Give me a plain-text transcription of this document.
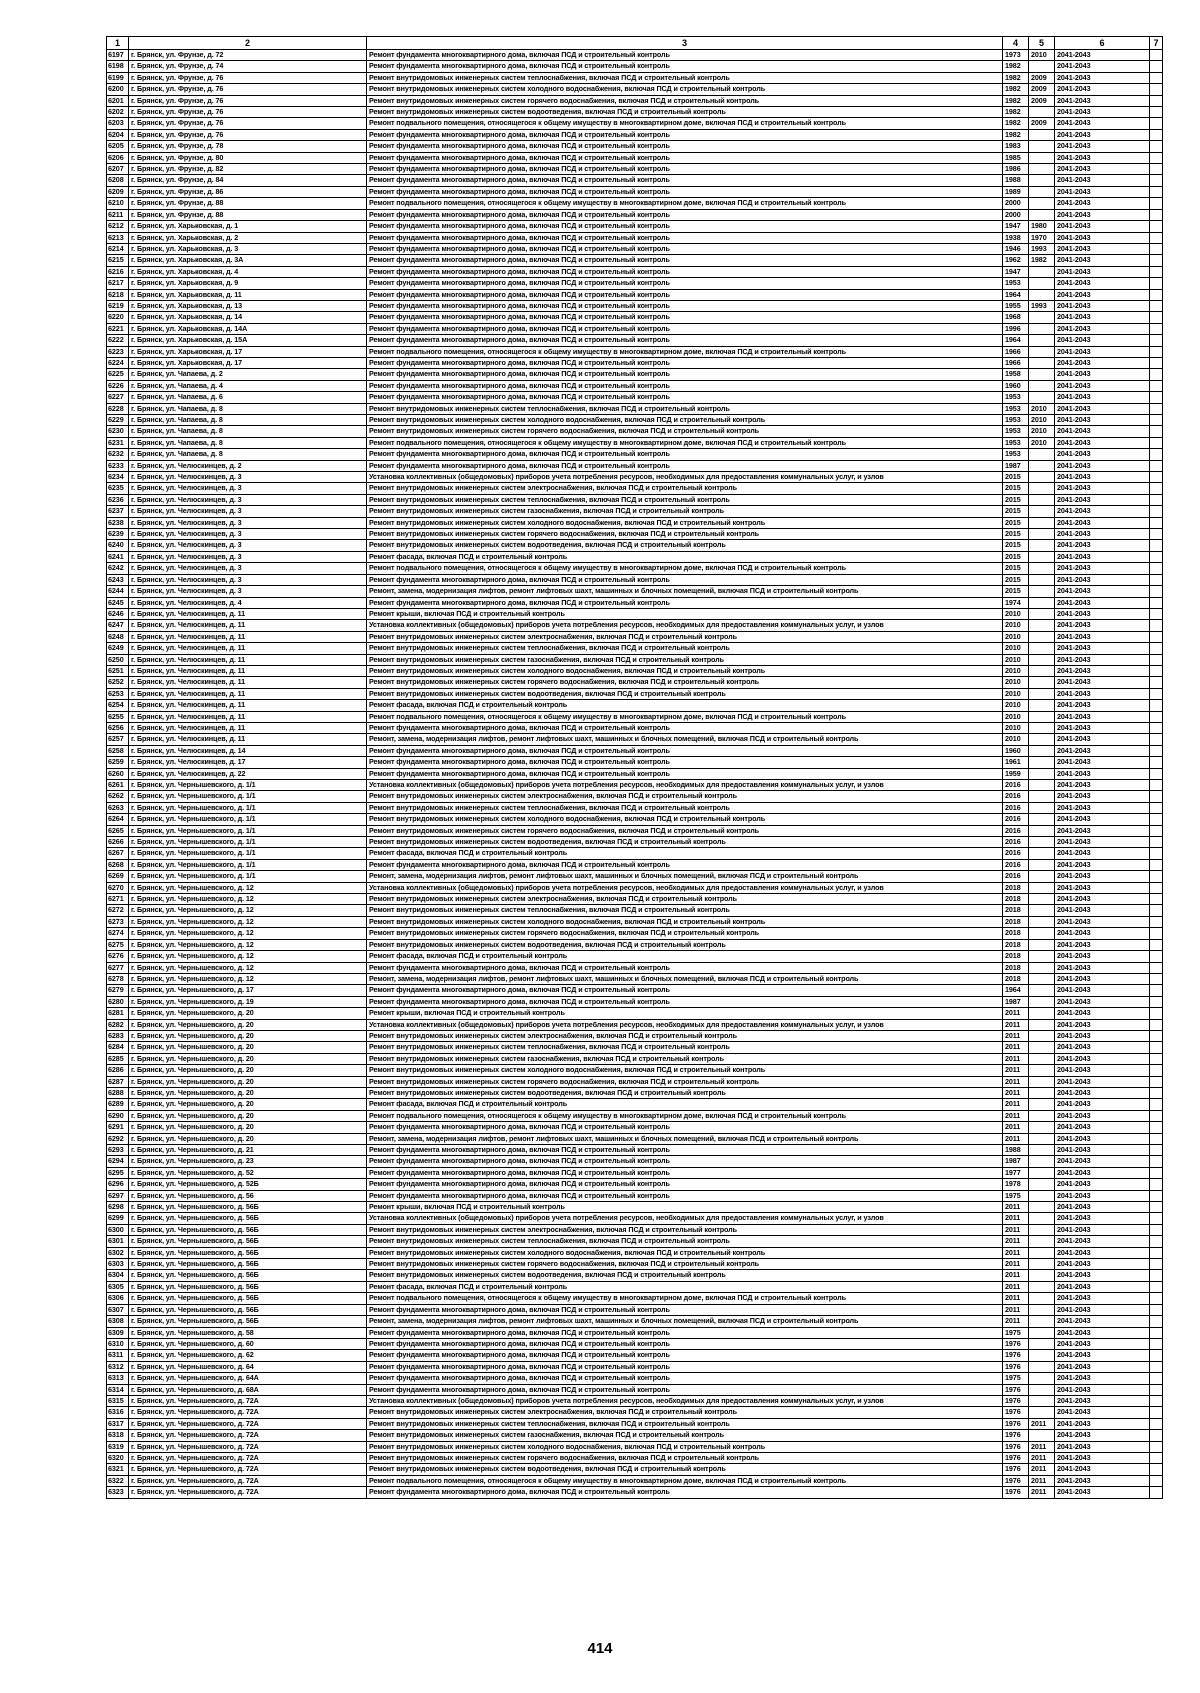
1	2	3	4	5	6	7
6197	г. Брянск, ул. Фрунзе, д. 72	Ремонт фундамента многоквартирного дома, включая ПСД и строительный контроль	1973	2010	2041-2043	
6198	г. Брянск, ул. Фрунзе, д. 74	Ремонт фундамента многоквартирного дома, включая ПСД и строительный контроль	1982		2041-2043	
6199	г. Брянск, ул. Фрунзе, д. 76	Ремонт внутридомовых инженерных систем теплоснабжения, включая ПСД и строительный контроль	1982	2009	2041-2043	
6200	г. Брянск, ул. Фрунзе, д. 76	Ремонт внутридомовых инженерных систем холодного водоснабжения, включая ПСД и строительный контроль	1982	2009	2041-2043	
6201	г. Брянск, ул. Фрунзе, д. 76	Ремонт внутридомовых инженерных систем горячего водоснабжения, включая ПСД и строительный контроль	1982	2009	2041-2043	
6202	г. Брянск, ул. Фрунзе, д. 76	Ремонт внутридомовых инженерных систем водоотведения, включая ПСД и строительный контроль	1982		2041-2043	
6203	г. Брянск, ул. Фрунзе, д. 76	Ремонт подвального помещения, относящегося к общему имуществу в многоквартирном доме, включая ПСД и строительный контроль	1982	2009	2041-2043	
6204	г. Брянск, ул. Фрунзе, д. 76	Ремонт фундамента многоквартирного дома, включая ПСД и строительный контроль	1982		2041-2043	
6205	г. Брянск, ул. Фрунзе, д. 78	Ремонт фундамента многоквартирного дома, включая ПСД и строительный контроль	1983		2041-2043	
6206	г. Брянск, ул. Фрунзе, д. 80	Ремонт фундамента многоквартирного дома, включая ПСД и строительный контроль	1985		2041-2043	
6207	г. Брянск, ул. Фрунзе, д. 82	Ремонт фундамента многоквартирного дома, включая ПСД и строительный контроль	1986		2041-2043	
6208	г. Брянск, ул. Фрунзе, д. 84	Ремонт фундамента многоквартирного дома, включая ПСД и строительный контроль	1988		2041-2043	
6209	г. Брянск, ул. Фрунзе, д. 86	Ремонт фундамента многоквартирного дома, включая ПСД и строительный контроль	1989		2041-2043	
6210	г. Брянск, ул. Фрунзе, д. 88	Ремонт подвального помещения, относящегося к общему имуществу в многоквартирном доме, включая ПСД и строительный контроль	2000		2041-2043	
6211	г. Брянск, ул. Фрунзе, д. 88	Ремонт фундамента многоквартирного дома, включая ПСД и строительный контроль	2000		2041-2043	
6212	г. Брянск, ул. Харьковская, д. 1	Ремонт фундамента многоквартирного дома, включая ПСД и строительный контроль	1947	1980	2041-2043	
6213	г. Брянск, ул. Харьковская, д. 2	Ремонт фундамента многоквартирного дома, включая ПСД и строительный контроль	1938	1970	2041-2043	
6214	г. Брянск, ул. Харьковская, д. 3	Ремонт фундамента многоквартирного дома, включая ПСД и строительный контроль	1946	1993	2041-2043	
6215	г. Брянск, ул. Харьковская, д. 3А	Ремонт фундамента многоквартирного дома, включая ПСД и строительный контроль	1962	1982	2041-2043	
6216	г. Брянск, ул. Харьковская, д. 4	Ремонт фундамента многоквартирного дома, включая ПСД и строительный контроль	1947		2041-2043	
6217	г. Брянск, ул. Харьковская, д. 9	Ремонт фундамента многоквартирного дома, включая ПСД и строительный контроль	1953		2041-2043	
6218	г. Брянск, ул. Харьковская, д. 11	Ремонт фундамента многоквартирного дома, включая ПСД и строительный контроль	1964		2041-2043	
6219	г. Брянск, ул. Харьковская, д. 13	Ремонт фундамента многоквартирного дома, включая ПСД и строительный контроль	1955	1993	2041-2043	
6220	г. Брянск, ул. Харьковская, д. 14	Ремонт фундамента многоквартирного дома, включая ПСД и строительный контроль	1968		2041-2043	
6221	г. Брянск, ул. Харьковская, д. 14А	Ремонт фундамента многоквартирного дома, включая ПСД и строительный контроль	1996		2041-2043	
6222	г. Брянск, ул. Харьковская, д. 15А	Ремонт фундамента многоквартирного дома, включая ПСД и строительный контроль	1964		2041-2043	
6223	г. Брянск, ул. Харьковская, д. 17	Ремонт подвального помещения, относящегося к общему имуществу в многоквартирном доме, включая ПСД и строительный контроль	1966		2041-2043	
6224	г. Брянск, ул. Харьковская, д. 17	Ремонт фундамента многоквартирного дома, включая ПСД и строительный контроль	1966		2041-2043	
6225	г. Брянск, ул. Чапаева, д. 2	Ремонт фундамента многоквартирного дома, включая ПСД и строительный контроль	1958		2041-2043	
6226	г. Брянск, ул. Чапаева, д. 4	Ремонт фундамента многоквартирного дома, включая ПСД и строительный контроль	1960		2041-2043	
6227	г. Брянск, ул. Чапаева, д. 6	Ремонт фундамента многоквартирного дома, включая ПСД и строительный контроль	1953		2041-2043	
6228	г. Брянск, ул. Чапаева, д. 8	Ремонт внутридомовых инженерных систем теплоснабжения, включая ПСД и строительный контроль	1953	2010	2041-2043	
6229	г. Брянск, ул. Чапаева, д. 8	Ремонт внутридомовых инженерных систем холодного водоснабжения, включая ПСД и строительный контроль	1953	2010	2041-2043	
6230	г. Брянск, ул. Чапаева, д. 8	Ремонт внутридомовых инженерных систем горячего водоснабжения, включая ПСД и строительный контроль	1953	2010	2041-2043	
6231	г. Брянск, ул. Чапаева, д. 8	Ремонт подвального помещения, относящегося к общему имуществу в многоквартирном доме, включая ПСД и строительный контроль	1953	2010	2041-2043	
6232	г. Брянск, ул. Чапаева, д. 8	Ремонт фундамента многоквартирного дома, включая ПСД и строительный контроль	1953		2041-2043	
6233	г. Брянск, ул. Челюскинцев, д. 2	Ремонт фундамента многоквартирного дома, включая ПСД и строительный контроль	1987		2041-2043	
6234	г. Брянск, ул. Челюскинцев, д. 3	Установка коллективных (общедомовых) приборов учета потребления ресурсов, необходимых для предоставления коммунальных услуг, и узлов	2015		2041-2043	
6235	г. Брянск, ул. Челюскинцев, д. 3	Ремонт внутридомовых инженерных систем электроснабжения, включая ПСД и строительный контроль	2015		2041-2043	
6236	г. Брянск, ул. Челюскинцев, д. 3	Ремонт внутридомовых инженерных систем теплоснабжения, включая ПСД и строительный контроль	2015		2041-2043	
6237	г. Брянск, ул. Челюскинцев, д. 3	Ремонт внутридомовых инженерных систем газоснабжения, включая ПСД и строительный контроль	2015		2041-2043	
6238	г. Брянск, ул. Челюскинцев, д. 3	Ремонт внутридомовых инженерных систем холодного водоснабжения, включая ПСД и строительный контроль	2015		2041-2043	
6239	г. Брянск, ул. Челюскинцев, д. 3	Ремонт внутридомовых инженерных систем горячего водоснабжения, включая ПСД и строительный контроль	2015		2041-2043	
6240	г. Брянск, ул. Челюскинцев, д. 3	Ремонт внутридомовых инженерных систем водоотведения, включая ПСД и строительный контроль	2015		2041-2043	
6241	г. Брянск, ул. Челюскинцев, д. 3	Ремонт фасада, включая ПСД и строительный контроль	2015		2041-2043	
6242	г. Брянск, ул. Челюскинцев, д. 3	Ремонт подвального помещения, относящегося к общему имуществу в многоквартирном доме, включая ПСД и строительный контроль	2015		2041-2043	
6243	г. Брянск, ул. Челюскинцев, д. 3	Ремонт фундамента многоквартирного дома, включая ПСД и строительный контроль	2015		2041-2043	
6244	г. Брянск, ул. Челюскинцев, д. 3	Ремонт, замена, модернизация лифтов, ремонт лифтовых шахт, машинных и блочных помещений, включая ПСД и строительный контроль	2015		2041-2043	
6245	г. Брянск, ул. Челюскинцев, д. 4	Ремонт фундамента многоквартирного дома, включая ПСД и строительный контроль	1974		2041-2043	
6246	г. Брянск, ул. Челюскинцев, д. 11	Ремонт крыши, включая ПСД и строительный контроль	2010		2041-2043	
6247	г. Брянск, ул. Челюскинцев, д. 11	Установка коллективных (общедомовых) приборов учета потребления ресурсов, необходимых для предоставления коммунальных услуг, и узлов	2010		2041-2043	
6248	г. Брянск, ул. Челюскинцев, д. 11	Ремонт внутридомовых инженерных систем электроснабжения, включая ПСД и строительный контроль	2010		2041-2043	
6249	г. Брянск, ул. Челюскинцев, д. 11	Ремонт внутридомовых инженерных систем теплоснабжения, включая ПСД и строительный контроль	2010		2041-2043	
6250	г. Брянск, ул. Челюскинцев, д. 11	Ремонт внутридомовых инженерных систем газоснабжения, включая ПСД и строительный контроль	2010		2041-2043	
6251	г. Брянск, ул. Челюскинцев, д. 11	Ремонт внутридомовых инженерных систем холодного водоснабжения, включая ПСД и строительный контроль	2010		2041-2043	
6252	г. Брянск, ул. Челюскинцев, д. 11	Ремонт внутридомовых инженерных систем горячего водоснабжения, включая ПСД и строительный контроль	2010		2041-2043	
6253	г. Брянск, ул. Челюскинцев, д. 11	Ремонт внутридомовых инженерных систем водоотведения, включая ПСД и строительный контроль	2010		2041-2043	
6254	г. Брянск, ул. Челюскинцев, д. 11	Ремонт фасада, включая ПСД и строительный контроль	2010		2041-2043	
6255	г. Брянск, ул. Челюскинцев, д. 11	Ремонт подвального помещения, относящегося к общему имуществу в многоквартирном доме, включая ПСД и строительный контроль	2010		2041-2043	
6256	г. Брянск, ул. Челюскинцев, д. 11	Ремонт фундамента многоквартирного дома, включая ПСД и строительный контроль	2010		2041-2043	
6257	г. Брянск, ул. Челюскинцев, д. 11	Ремонт, замена, модернизация лифтов, ремонт лифтовых шахт, машинных и блочных помещений, включая ПСД и строительный контроль	2010		2041-2043	
6258	г. Брянск, ул. Челюскинцев, д. 14	Ремонт фундамента многоквартирного дома, включая ПСД и строительный контроль	1960		2041-2043	
6259	г. Брянск, ул. Челюскинцев, д. 17	Ремонт фундамента многоквартирного дома, включая ПСД и строительный контроль	1961		2041-2043	
6260	г. Брянск, ул. Челюскинцев, д. 22	Ремонт фундамента многоквартирного дома, включая ПСД и строительный контроль	1959		2041-2043	
6261	г. Брянск, ул. Чернышевского, д. 1/1	Установка коллективных (общедомовых) приборов учета потребления ресурсов, необходимых для предоставления коммунальных услуг, и узлов	2016		2041-2043	
6262	г. Брянск, ул. Чернышевского, д. 1/1	Ремонт внутридомовых инженерных систем электроснабжения, включая ПСД и строительный контроль	2016		2041-2043	
6263	г. Брянск, ул. Чернышевского, д. 1/1	Ремонт внутридомовых инженерных систем теплоснабжения, включая ПСД и строительный контроль	2016		2041-2043	
6264	г. Брянск, ул. Чернышевского, д. 1/1	Ремонт внутридомовых инженерных систем холодного водоснабжения, включая ПСД и строительный контроль	2016		2041-2043	
6265	г. Брянск, ул. Чернышевского, д. 1/1	Ремонт внутридомовых инженерных систем горячего водоснабжения, включая ПСД и строительный контроль	2016		2041-2043	
6266	г. Брянск, ул. Чернышевского, д. 1/1	Ремонт внутридомовых инженерных систем водоотведения, включая ПСД и строительный контроль	2016		2041-2043	
6267	г. Брянск, ул. Чернышевского, д. 1/1	Ремонт фасада, включая ПСД и строительный контроль	2016		2041-2043	
6268	г. Брянск, ул. Чернышевского, д. 1/1	Ремонт фундамента многоквартирного дома, включая ПСД и строительный контроль	2016		2041-2043	
6269	г. Брянск, ул. Чернышевского, д. 1/1	Ремонт, замена, модернизация лифтов, ремонт лифтовых шахт, машинных и блочных помещений, включая ПСД и строительный контроль	2016		2041-2043	
6270	г. Брянск, ул. Чернышевского, д. 12	Установка коллективных (общедомовых) приборов учета потребления ресурсов, необходимых для предоставления коммунальных услуг, и узлов	2018		2041-2043	
6271	г. Брянск, ул. Чернышевского, д. 12	Ремонт внутридомовых инженерных систем электроснабжения, включая ПСД и строительный контроль	2018		2041-2043	
6272	г. Брянск, ул. Чернышевского, д. 12	Ремонт внутридомовых инженерных систем теплоснабжения, включая ПСД и строительный контроль	2018		2041-2043	
6273	г. Брянск, ул. Чернышевского, д. 12	Ремонт внутридомовых инженерных систем холодного водоснабжения, включая ПСД и строительный контроль	2018		2041-2043	
6274	г. Брянск, ул. Чернышевского, д. 12	Ремонт внутридомовых инженерных систем горячего водоснабжения, включая ПСД и строительный контроль	2018		2041-2043	
6275	г. Брянск, ул. Чернышевского, д. 12	Ремонт внутридомовых инженерных систем водоотведения, включая ПСД и строительный контроль	2018		2041-2043	
6276	г. Брянск, ул. Чернышевского, д. 12	Ремонт фасада, включая ПСД и строительный контроль	2018		2041-2043	
6277	г. Брянск, ул. Чернышевского, д. 12	Ремонт фундамента многоквартирного дома, включая ПСД и строительный контроль	2018		2041-2043	
6278	г. Брянск, ул. Чернышевского, д. 12	Ремонт, замена, модернизация лифтов, ремонт лифтовых шахт, машинных и блочных помещений, включая ПСД и строительный контроль	2018		2041-2043	
6279	г. Брянск, ул. Чернышевского, д. 17	Ремонт фундамента многоквартирного дома, включая ПСД и строительный контроль	1964		2041-2043	
6280	г. Брянск, ул. Чернышевского, д. 19	Ремонт фундамента многоквартирного дома, включая ПСД и строительный контроль	1987		2041-2043	
6281	г. Брянск, ул. Чернышевского, д. 20	Ремонт крыши, включая ПСД и строительный контроль	2011		2041-2043	
6282	г. Брянск, ул. Чернышевского, д. 20	Установка коллективных (общедомовых) приборов учета потребления ресурсов, необходимых для предоставления коммунальных услуг, и узлов	2011		2041-2043	
6283	г. Брянск, ул. Чернышевского, д. 20	Ремонт внутридомовых инженерных систем электроснабжения, включая ПСД и строительный контроль	2011		2041-2043	
6284	г. Брянск, ул. Чернышевского, д. 20	Ремонт внутридомовых инженерных систем теплоснабжения, включая ПСД и строительный контроль	2011		2041-2043	
6285	г. Брянск, ул. Чернышевского, д. 20	Ремонт внутридомовых инженерных систем газоснабжения, включая ПСД и строительный контроль	2011		2041-2043	
6286	г. Брянск, ул. Чернышевского, д. 20	Ремонт внутридомовых инженерных систем холодного водоснабжения, включая ПСД и строительный контроль	2011		2041-2043	
6287	г. Брянск, ул. Чернышевского, д. 20	Ремонт внутридомовых инженерных систем горячего водоснабжения, включая ПСД и строительный контроль	2011		2041-2043	
6288	г. Брянск, ул. Чернышевского, д. 20	Ремонт внутридомовых инженерных систем водоотведения, включая ПСД и строительный контроль	2011		2041-2043	
6289	г. Брянск, ул. Чернышевского, д. 20	Ремонт фасада, включая ПСД и строительный контроль	2011		2041-2043	
6290	г. Брянск, ул. Чернышевского, д. 20	Ремонт подвального помещения, относящегося к общему имуществу в многоквартирном доме, включая ПСД и строительный контроль	2011		2041-2043	
6291	г. Брянск, ул. Чернышевского, д. 20	Ремонт фундамента многоквартирного дома, включая ПСД и строительный контроль	2011		2041-2043	
6292	г. Брянск, ул. Чернышевского, д. 20	Ремонт, замена, модернизация лифтов, ремонт лифтовых шахт, машинных и блочных помещений, включая ПСД и строительный контроль	2011		2041-2043	
6293	г. Брянск, ул. Чернышевского, д. 21	Ремонт фундамента многоквартирного дома, включая ПСД и строительный контроль	1988		2041-2043	
6294	г. Брянск, ул. Чернышевского, д. 23	Ремонт фундамента многоквартирного дома, включая ПСД и строительный контроль	1987		2041-2043	
6295	г. Брянск, ул. Чернышевского, д. 52	Ремонт фундамента многоквартирного дома, включая ПСД и строительный контроль	1977		2041-2043	
6296	г. Брянск, ул. Чернышевского, д. 52Б	Ремонт фундамента многоквартирного дома, включая ПСД и строительный контроль	1978		2041-2043	
6297	г. Брянск, ул. Чернышевского, д. 56	Ремонт фундамента многоквартирного дома, включая ПСД и строительный контроль	1975		2041-2043	
6298	г. Брянск, ул. Чернышевского, д. 56Б	Ремонт крыши, включая ПСД и строительный контроль	2011		2041-2043	
6299	г. Брянск, ул. Чернышевского, д. 56Б	Установка коллективных (общедомовых) приборов учета потребления ресурсов, необходимых для предоставления коммунальных услуг, и узлов	2011		2041-2043	
6300	г. Брянск, ул. Чернышевского, д. 56Б	Ремонт внутридомовых инженерных систем электроснабжения, включая ПСД и строительный контроль	2011		2041-2043	
6301	г. Брянск, ул. Чернышевского, д. 56Б	Ремонт внутридомовых инженерных систем теплоснабжения, включая ПСД и строительный контроль	2011		2041-2043	
6302	г. Брянск, ул. Чернышевского, д. 56Б	Ремонт внутридомовых инженерных систем холодного водоснабжения, включая ПСД и строительный контроль	2011		2041-2043	
6303	г. Брянск, ул. Чернышевского, д. 56Б	Ремонт внутридомовых инженерных систем горячего водоснабжения, включая ПСД и строительный контроль	2011		2041-2043	
6304	г. Брянск, ул. Чернышевского, д. 56Б	Ремонт внутридомовых инженерных систем водоотведения, включая ПСД и строительный контроль	2011		2041-2043	
6305	г. Брянск, ул. Чернышевского, д. 56Б	Ремонт фасада, включая ПСД и строительный контроль	2011		2041-2043	
6306	г. Брянск, ул. Чернышевского, д. 56Б	Ремонт подвального помещения, относящегося к общему имуществу в многоквартирном доме, включая ПСД и строительный контроль	2011		2041-2043	
6307	г. Брянск, ул. Чернышевского, д. 56Б	Ремонт фундамента многоквартирного дома, включая ПСД и строительный контроль	2011		2041-2043	
6308	г. Брянск, ул. Чернышевского, д. 56Б	Ремонт, замена, модернизация лифтов, ремонт лифтовых шахт, машинных и блочных помещений, включая ПСД и строительный контроль	2011		2041-2043	
6309	г. Брянск, ул. Чернышевского, д. 58	Ремонт фундамента многоквартирного дома, включая ПСД и строительный контроль	1975		2041-2043	
6310	г. Брянск, ул. Чернышевского, д. 60	Ремонт фундамента многоквартирного дома, включая ПСД и строительный контроль	1976		2041-2043	
6311	г. Брянск, ул. Чернышевского, д. 62	Ремонт фундамента многоквартирного дома, включая ПСД и строительный контроль	1976		2041-2043	
6312	г. Брянск, ул. Чернышевского, д. 64	Ремонт фундамента многоквартирного дома, включая ПСД и строительный контроль	1976		2041-2043	
6313	г. Брянск, ул. Чернышевского, д. 64А	Ремонт фундамента многоквартирного дома, включая ПСД и строительный контроль	1975		2041-2043	
6314	г. Брянск, ул. Чернышевского, д. 68А	Ремонт фундамента многоквартирного дома, включая ПСД и строительный контроль	1976		2041-2043	
6315	г. Брянск, ул. Чернышевского, д. 72А	Установка коллективных (общедомовых) приборов учета потребления ресурсов, необходимых для предоставления коммунальных услуг, и узлов	1976		2041-2043	
6316	г. Брянск, ул. Чернышевского, д. 72А	Ремонт внутридомовых инженерных систем электроснабжения, включая ПСД и строительный контроль	1976		2041-2043	
6317	г. Брянск, ул. Чернышевского, д. 72А	Ремонт внутридомовых инженерных систем теплоснабжения, включая ПСД и строительный контроль	1976	2011	2041-2043	
6318	г. Брянск, ул. Чернышевского, д. 72А	Ремонт внутридомовых инженерных систем газоснабжения, включая ПСД и строительный контроль	1976		2041-2043	
6319	г. Брянск, ул. Чернышевского, д. 72А	Ремонт внутридомовых инженерных систем холодного водоснабжения, включая ПСД и строительный контроль	1976	2011	2041-2043	
6320	г. Брянск, ул. Чернышевского, д. 72А	Ремонт внутридомовых инженерных систем горячего водоснабжения, включая ПСД и строительный контроль	1976	2011	2041-2043	
6321	г. Брянск, ул. Чернышевского, д. 72А	Ремонт внутридомовых инженерных систем водоотведения, включая ПСД и строительный контроль	1976	2011	2041-2043	
6322	г. Брянск, ул. Чернышевского, д. 72А	Ремонт подвального помещения, относящегося к общему имуществу в многоквартирном доме, включая ПСД и строительный контроль	1976	2011	2041-2043	
6323	г. Брянск, ул. Чернышевского, д. 72А	Ремонт фундамента многоквартирного дома, включая ПСД и строительный контроль	1976	2011	2041-2043	
414
